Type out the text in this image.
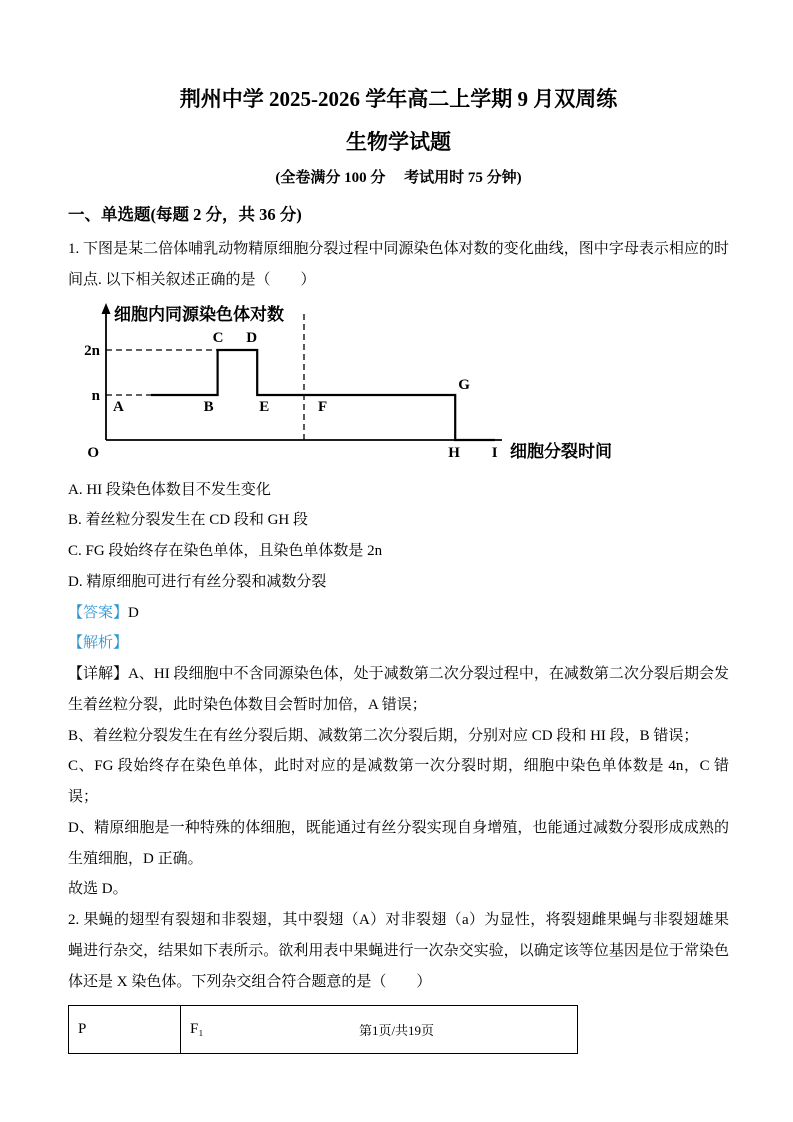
荆州中学 2025-2026 学年高二上学期 9 月双周练
生物学试题
(全卷满分 100 分　 考试用时 75 分钟)
一、单选题(每题 2 分，共 36 分)

1. 下图是某二倍体哺乳动物精原细胞分裂过程中同源染色体对数的变化曲线，图中字母表示相应的时间点. 以下相关叙述正确的是（　　）

2n
n
O
A	B
C D
E	F
G
H I
细胞内同源染色体对数
细胞分裂时间

A. HI 段染色体数目不发生变化

B. 着丝粒分裂发生在 CD 段和 GH 段

C. FG 段始终存在染色单体，且染色单体数是 2n

D. 精原细胞可进行有丝分裂和减数分裂

【答案】D

【解析】

【详解】A、HI 段细胞中不含同源染色体，处于减数第二次分裂过程中，在减数第二次分裂后期会发生着丝粒分裂，此时染色体数目会暂时加倍，A 错误；

B、着丝粒分裂发生在有丝分裂后期、减数第二次分裂后期，分别对应 CD 段和 HI 段，B 错误；

C、FG 段始终存在染色单体，此时对应的是减数第一次分裂时期，细胞中染色单体数是 4n，C 错误；

D、精原细胞是一种特殊的体细胞，既能通过有丝分裂实现自身增殖，也能通过减数分裂形成成熟的生殖细胞，D 正确。

故选 D。

2. 果蝇的翅型有裂翅和非裂翅，其中裂翅（A）对非裂翅（a）为显性，将裂翅雌果蝇与非裂翅雄果蝇进行杂交，结果如下表所示。欲利用表中果蝇进行一次杂交实验，以确定该等位基因是位于常染色体还是 X 染色体。下列杂交组合符合题意的是（　　）

P	F₁	第1页/共19页
